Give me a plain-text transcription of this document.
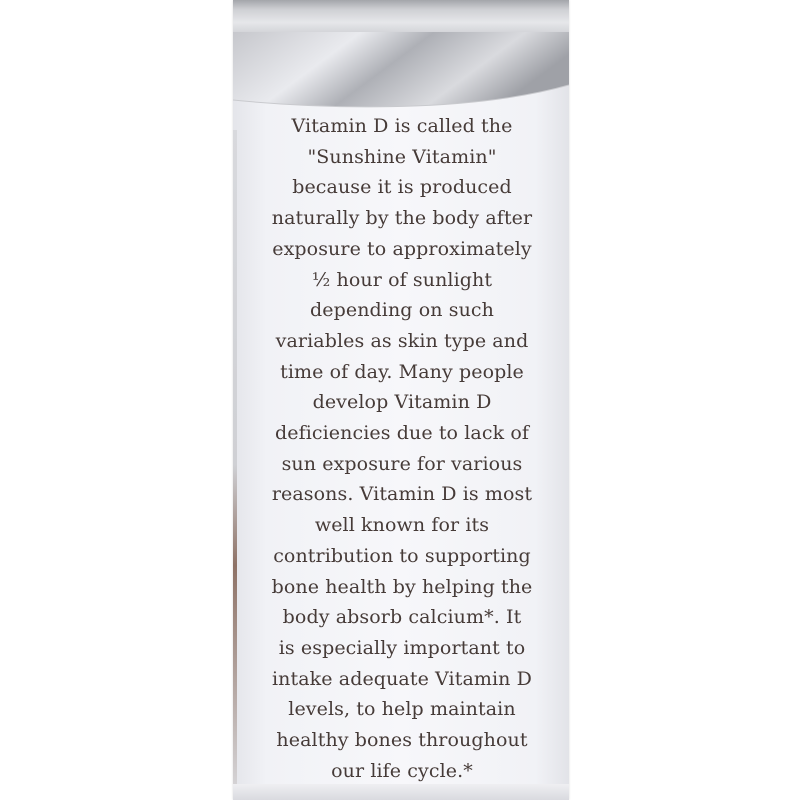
Vitamin D is called the
"Sunshine Vitamin"
because it is produced
naturally by the body after
exposure to approximately
½ hour of sunlight
depending on such
variables as skin type and
time of day. Many people
develop Vitamin D
deficiencies due to lack of
sun exposure for various
reasons. Vitamin D is most
well known for its
contribution to supporting
bone health by helping the
body absorb calcium*. It
is especially important to
intake adequate Vitamin D
levels, to help maintain
healthy bones throughout
our life cycle.*
